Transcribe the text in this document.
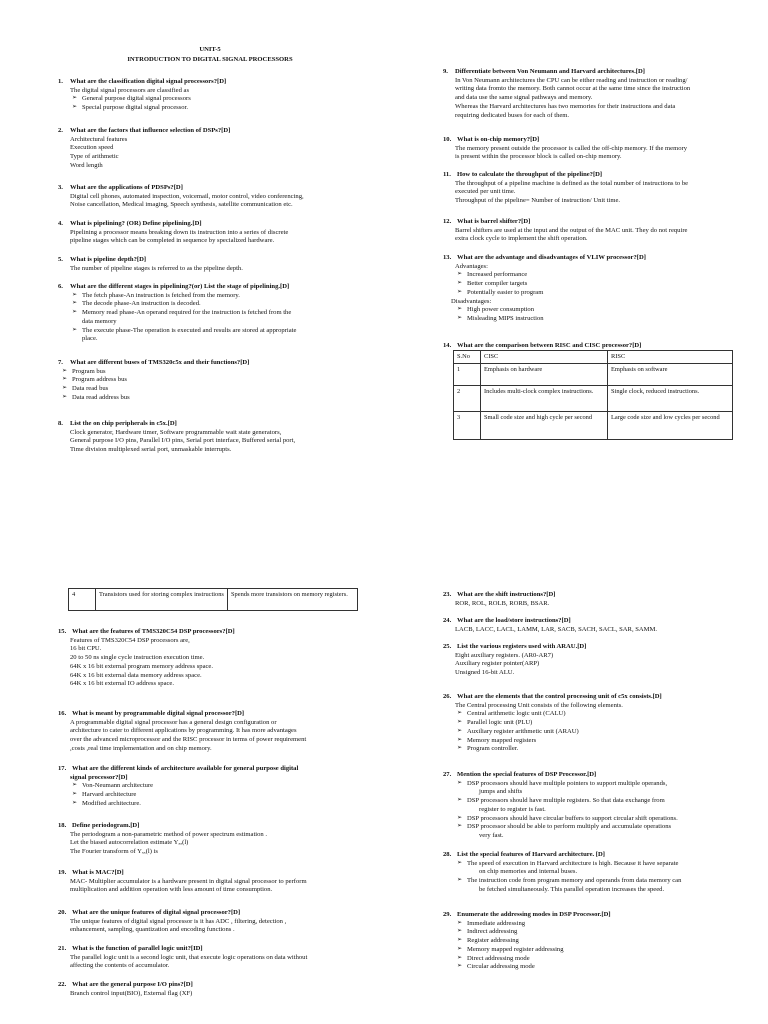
UNIT-5
INTRODUCTION TO DIGITAL SIGNAL PROCESSORS
1. What are the classification digital signal processors?[D]
The digital signal processors are classified as
➢ General purpose digital signal processors
➢ Special purpose digital signal processor.
2. What are the factors that influence selection of DSPs?[D]
Architectural features
Execution speed
Type of arithmetic
Word length
3. What are the applications of PDSPs?[D]
Digital cell phones, automated inspection, voicemail, motor control, video conferencing,
Noise cancellation, Medical imaging, Speech synthesis, satellite communication etc.
4. What is pipelining? (OR) Define pipelining.[D]
Pipelining a processor means breaking down its instruction into a series of discrete
pipeline stages which can be completed in sequence by specialized hardware.
5. What is pipeline depth?[D]
The number of pipeline stages is referred to as the pipeline depth.
6. What are the different stages in pipelining?(or) List the stage of pipelining.[D]
➢ The fetch phase-An instruction is fetched from the memory.
➢ The decode phase-An instruction is decoded.
➢ Memory read phase-An operand required for the instruction is fetched from the
data memory
➢ The execute phase-The operation is executed and results are stored at appropriate
place.
7. What are different buses of TMS320c5x and their functions?[D]
➢ Program bus
➢ Program address bus
➢ Data read bus
➢ Data read address bus
8. List the on chip peripherals in c5x.[D]
Clock generator, Hardware timer, Software programmable wait state generators,
General purpose I/O pins, Parallel I/O pins, Serial port interface, Buffered serial port,
Time division multiplexed serial port, unmaskable interrupts.
9. Differentiate between Von Neumann and Harvard architectures.[D]
In Von Neumann architectures the CPU can be either reading and instruction or reading/
writing data fromto the memory. Both cannot occur at the same time since the instruction
and data use the same signal pathways and memory.
Whereas the Harvard architectures has two memories for their instructions and data
requiring dedicated buses for each of them.
10. What is on-chip memory?[D]
The memory present outside the processor is called the off-chip memory. If the memory
is present within the processor block is called on-chip memory.
11. How to calculate the throughput of the pipeline?[D]
The throughput of a pipeline machine is defined as the total number of instructions to be
executed per unit time.
Throughput of the pipeline= Number of instruction/ Unit time.
12. What is barrel shifter?[D]
Barrel shifters are used at the input and the output of the MAC unit. They do not require
extra clock cycle to implement the shift operation.
13. What are the advantage and disadvantages of VLIW processor?[D]
Advantages:
➢ Increased performance
➢ Better compiler targets
➢ Potentially easier to program
Disadvantages:
➢ High power consumption
➢ Misleading MIPS instruction
14. What are the comparison between RISC and CISC processor?[D]
S.No	CISC	RISC
1	Emphasis on hardware	Emphasis on software
2	Includes multi-clock complex instructions.	Single clock, reduced instructions.
3	Small code size and high cycle per second	Large code size and low cycles per second
4	Transistors used for storing complex instructions	Spends more transistors on memory registers.
15. What are the features of TMS320C54 DSP processors?[D]
Features of TMS320C54 DSP processors are,
16 bit CPU.
20 to 50 ns single cycle instruction execution time.
64K x 16 bit external program memory address space.
64K x 16 bit external data memory address space.
64K x 16 bit external IO address space.
16. What is meant by programmable digital signal processor?[D]
A programmable digital signal processor has a general design configuration or
architecture to cater to different applications by programming. It has more advantages
over the advanced microprocessor and the RISC processor in terms of power requirement
,costs ,real time implementation and on chip memory.
17. What are the different kinds of architecture available for general purpose digital
signal processor?[D]
➢ Von-Neumann architecture
➢ Harvard architecture
➢ Modified architecture.
18. Define periodogram.[D]
The periodogram a non-parametric method of power spectrum estimation .
Let the biased autocorrelation estimate Yₓₓ(l)
The Fourier transform of Yₓₓ(l) is
19. What is MAC?[D]
MAC- Multiplier accumulator is a hardware present in digital signal processor to perform
multiplication and addition operation with less amount of time consumption.
20. What are the unique features of digital signal processor?[D]
The unique features of digital signal processor is it has ADC , filtering, detection ,
enhancement, sampling, quantization and encoding functions .
21. What is the function of parallel logic unit?[ID]
The parallel logic unit is a second logic unit, that execute logic operations on data without
affecting the contents of accumulator.
22. What are the general purpose I/O pins?[D]
Branch control input(BIO), External flag (XF)
23. What are the shift instructions?[D]
ROR, ROL, ROLB, RORB, BSAR.
24. What are the load/store instructions?[D]
LACB, LACC, LACL, LAMM, LAR, SACB, SACH, SACL, SAR, SAMM.
25. List the various registers used with ARAU.[D]
Eight auxiliary registers. (AR0-AR7)
Auxiliary register pointer(ARP)
Unsigned 16-bit ALU.
26. What are the elements that the control processing unit of c5x consists.[D]
The Central processing Unit consists of the following elements.
➢ Central arithmetic logic unit (CALU)
➢ Parallel logic unit (PLU)
➢ Auxiliary register arithmetic unit (ARAU)
➢ Memory mapped registers
➢ Program controller.
27. Mention the special features of DSP Processor.[D]
➢ DSP processors should have multiple pointers to support multiple operands,
jumps and shifts
➢ DSP processors should have multiple registers. So that data exchange from
register to register is fast.
➢ DSP processors should have circular buffers to support circular shift operations.
➢ DSP processor should be able to perform multiply and accumulate operations
very fast.
28. List the special features of Harvard architecture. [D]
➢ The speed of execution in Harvard architecture is high. Because it have separate
on chip memories and internal buses.
➢ The instruction code from program memory and operands from data memory can
be fetched simultaneously. This parallel operation increases the speed.
29. Enumerate the addressing modes in DSP Processor.[D]
➢ Immediate addressing
➢ Indirect addressing
➢ Register addressing
➢ Memory mapped register addressing
➢ Direct addressing mode
➢ Circular addressing mode
